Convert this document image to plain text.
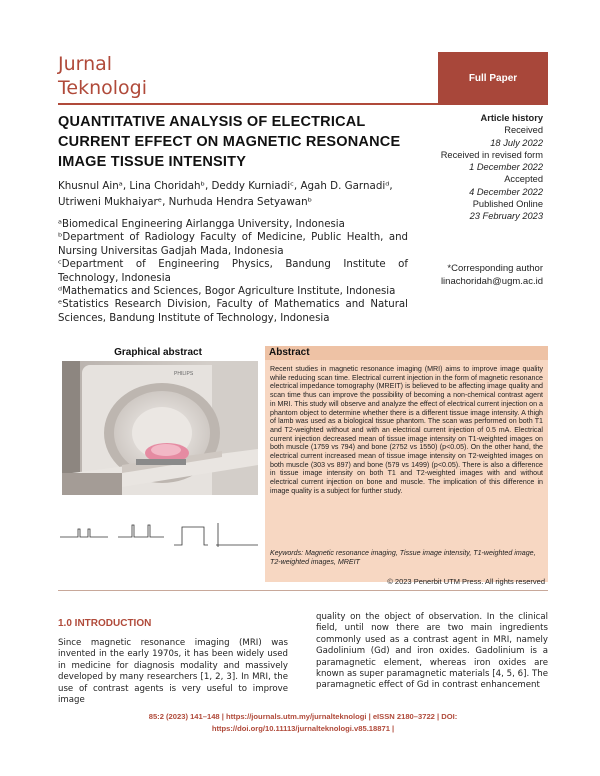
Jurnal
Teknologi	Full Paper
QUANTITATIVE ANALYSIS OF ELECTRICAL CURRENT EFFECT ON MAGNETIC RESONANCE IMAGE TISSUE INTENSITY
Khusnul Ainᵃ, Lina Choridahᵇ, Deddy Kurniadiᶜ, Agah D. Garnadiᵈ, Utriweni Mukhaiyarᵉ, Nurhuda Hendra Setyawanᵇ

ᵃBiomedical Engineering Airlangga University, Indonesia

ᵇDepartment of Radiology Faculty of Medicine, Public Health, and Nursing Universitas Gadjah Mada, Indonesia

ᶜDepartment of Engineering Physics, Bandung Institute of Technology, Indonesia

ᵈMathematics and Sciences, Bogor Agriculture Institute, Indonesia

ᵉStatistics Research Division, Faculty of Mathematics and Natural Sciences, Bandung Institute of Technology, Indonesia

Article history
Received
18 July 2022
Received in revised form
1 December 2022
Accepted
4 December 2022
Published Online
23 February 2023
*Corresponding author
linachoridah@ugm.ac.id
Graphical abstract
PHILIPS
Abstract
Recent studies in magnetic resonance imaging (MRI) aims to improve image quality while reducing scan time. Electrical current injection in the form of magnetic resonance electrical impedance tomography (MREIT) is believed to be affecting image quality and scan time thus can improve the possibility of becoming a non-chemical contrast agent in MRI. This study will observe and analyze the effect of electrical current injection on a phantom object to determine whether there is a different tissue image intensity. A thigh of lamb was used as a biological tissue phantom. The scan was performed on both T1 and T2-weighted without and with an electrical current injection of 0.5 mA. Electrical current injection decreased mean of tissue image intensity on T1-weighted images on both muscle (1759 vs 794) and bone (2752 vs 1550) (p<0.05). On the other hand, the electrical current increased mean of tissue image intensity on T2-weighted images on both muscle (303 vs 897) and bone (579 vs 1499) (p<0.05). There is also a difference in tissue image intensity on both T1 and T2-weighted images with and without electrical current injection on bone and muscle. The implication of this difference in image quality is a subject for further study.
Keywords: Magnetic resonance imaging, Tissue image intensity, T1-weighted image, T2-weighted images, MREIT
© 2023 Penerbit UTM Press. All rights reserved
1.0 INTRODUCTION
Since magnetic resonance imaging (MRI) was invented in the early 1970s, it has been widely used in medicine for diagnosis modality and massively developed by many researchers [1, 2, 3]. In MRI, the use of contrast agents is very useful to improve image
quality on the object of observation. In the clinical field, until now there are two main ingredients commonly used as a contrast agent in MRI, namely Gadolinium (Gd) and iron oxides. Gadolinium is a paramagnetic element, whereas iron oxides are known as super paramagnetic materials [4, 5, 6]. The paramagnetic effect of Gd in contrast enhancement
85:2 (2023) 141–148 | https://journals.utm.my/jurnalteknologi | eISSN 2180–3722 | DOI:
https://doi.org/10.11113/jurnalteknologi.v85.18871 |
